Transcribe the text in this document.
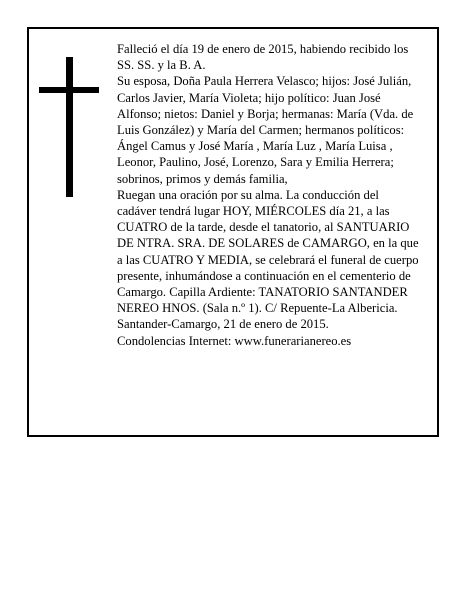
Falleció el día 19 de enero de 2015, habiendo recibido los SS. SS. y la B. A.

Su esposa, Doña Paula Herrera Velasco; hijos: José Julián, Carlos Javier, María Violeta; hijo político: Juan José Alfonso; nietos: Daniel y Borja; hermanas: María (Vda. de Luis González) y María del Carmen; hermanos políticos: Ángel Camus y José María , María Luz , María Luisa , Leonor, Paulino, José, Lorenzo, Sara y Emilia Herrera; sobrinos, primos y demás familia,

Ruegan una oración por su alma. La conducción del cadáver tendrá lugar HOY, MIÉRCOLES día 21, a las CUATRO de la tarde, desde el tanatorio, al SANTUARIO DE NTRA. SRA. DE SOLARES de CAMARGO, en la que a las CUATRO Y MEDIA, se celebrará el funeral de cuerpo presente, inhumándose a continuación en el cementerio de Camargo. Capilla Ardiente: TANATORIO SANTANDER NEREO HNOS. (Sala n.º 1). C/ Repuente-La Albericia.

Santander-Camargo, 21 de enero de 2015.

Condolencias Internet: www.funerarianereo.es
